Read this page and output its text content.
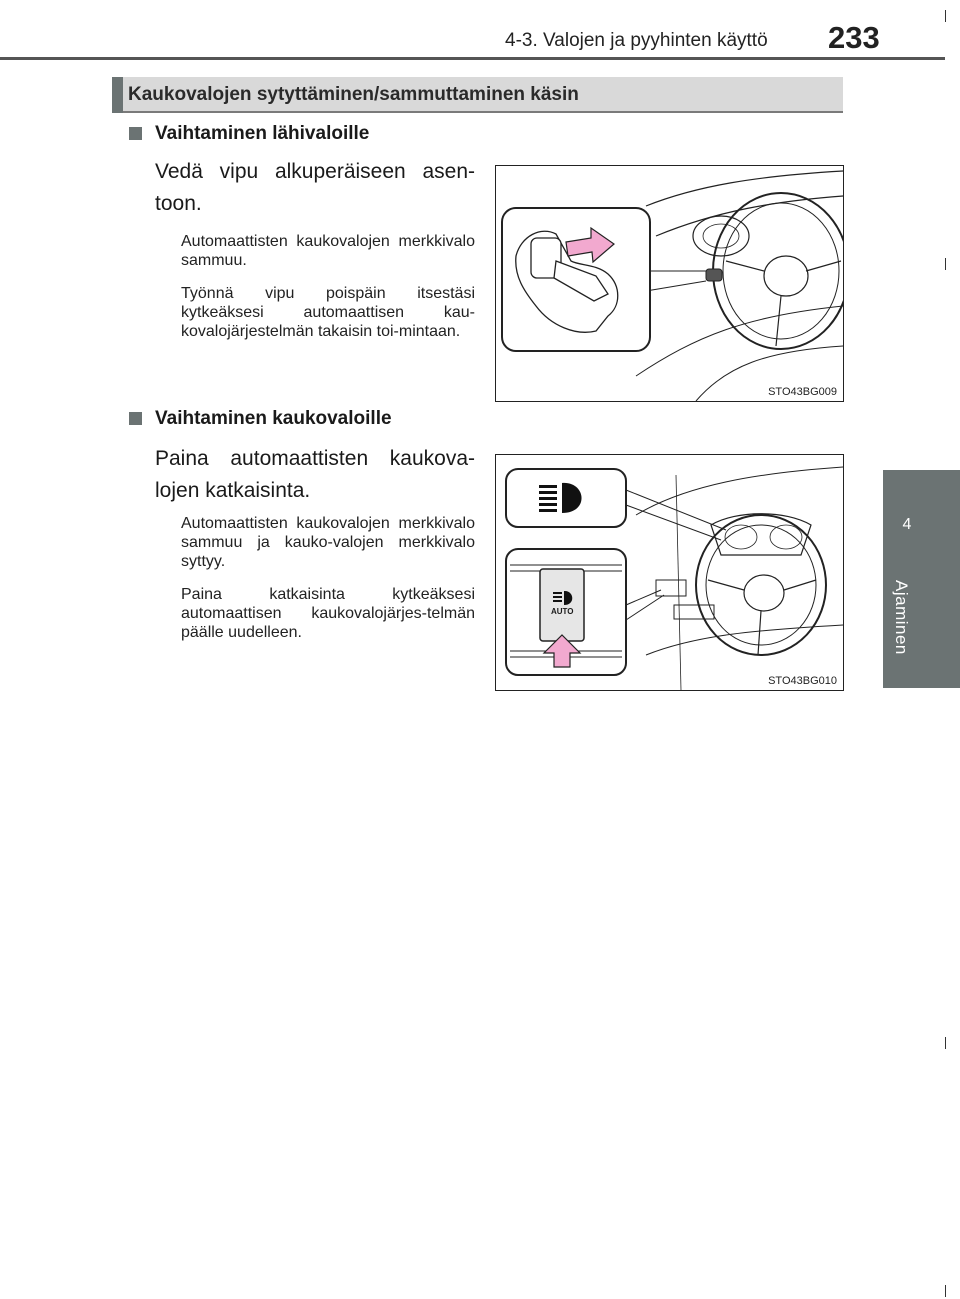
4-3. Valojen ja pyyhinten käyttö 233
4
Ajaminen
Kaukovalojen sytyttäminen/sammuttaminen käsin
Vaihtaminen lähivaloille
Vedä vipu alkuperäiseen asen-
toon.
Automaattisten kaukovalojen merkkivalo sammuu.
Työnnä vipu poispäin itsestäsi kytkeäksesi automaattisen kau-kovalojärjestelmän takaisin toi-mintaan.
STO43BG009
Vaihtaminen kaukovaloille
Paina automaattisten kaukova-
lojen katkaisinta.
Automaattisten kaukovalojen merkkivalo sammuu ja kauko-valojen merkkivalo syttyy.
Paina katkaisinta kytkeäksesi automaattisen kaukovalojärjes-telmän päälle uudelleen.
AUTO
STO43BG010
